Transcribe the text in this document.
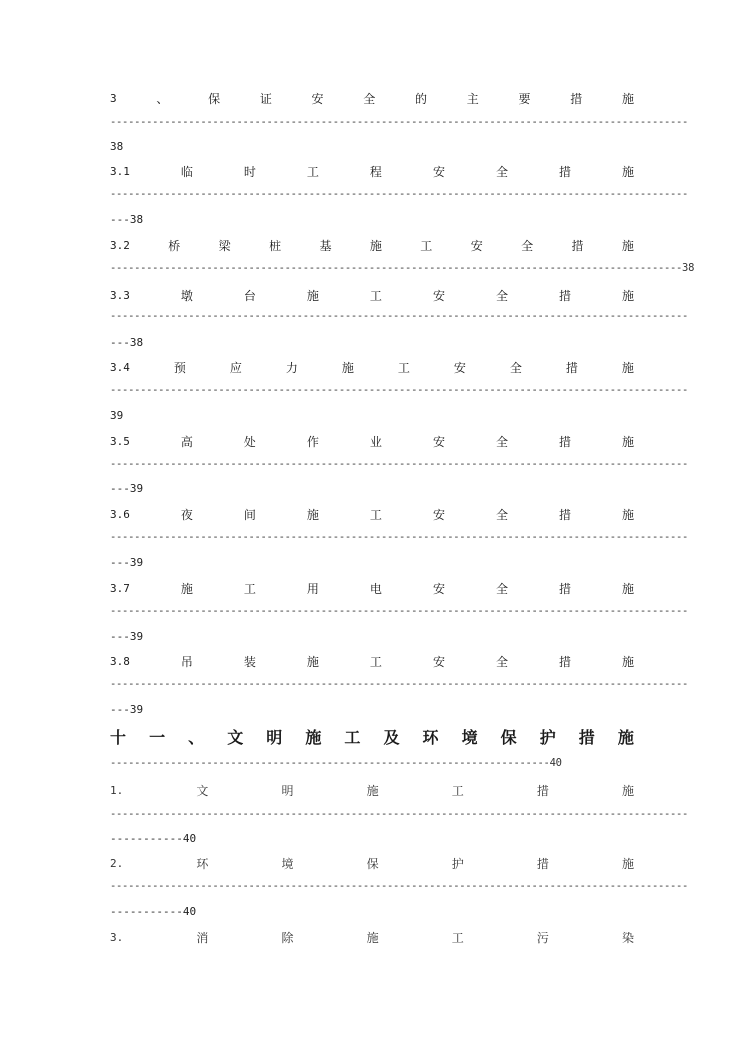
3	、	保	证	安	全	的	主	要	措	施
------------------------------------------------------------------------------------------------
38
3.1	临	时	工	程	安	全	措	施
------------------------------------------------------------------------------------------------
---38
3.2	桥	梁	桩	基	施	工	安	全	措	施
-----------------------------------------------------------------------------------------------38
3.3	墩	台	施	工	安	全	措	施
------------------------------------------------------------------------------------------------
---38
3.4	预	应	力	施	工	安	全	措	施
------------------------------------------------------------------------------------------------
39
3.5	高	处	作	业	安	全	措	施
------------------------------------------------------------------------------------------------
---39
3.6	夜	间	施	工	安	全	措	施
------------------------------------------------------------------------------------------------
---39
3.7	施	工	用	电	安	全	措	施
------------------------------------------------------------------------------------------------
---39
3.8	吊	装	施	工	安	全	措	施
------------------------------------------------------------------------------------------------
---39
十 一 、 文 明 施 工 及 环 境 保 护 措 施
-------------------------------------------------------------------------40
1.	文	明	施	工	措	施
------------------------------------------------------------------------------------------------
-----------40
2.	环	境	保	护	措	施
------------------------------------------------------------------------------------------------
-----------40
3.	消	除	施	工	污	染
